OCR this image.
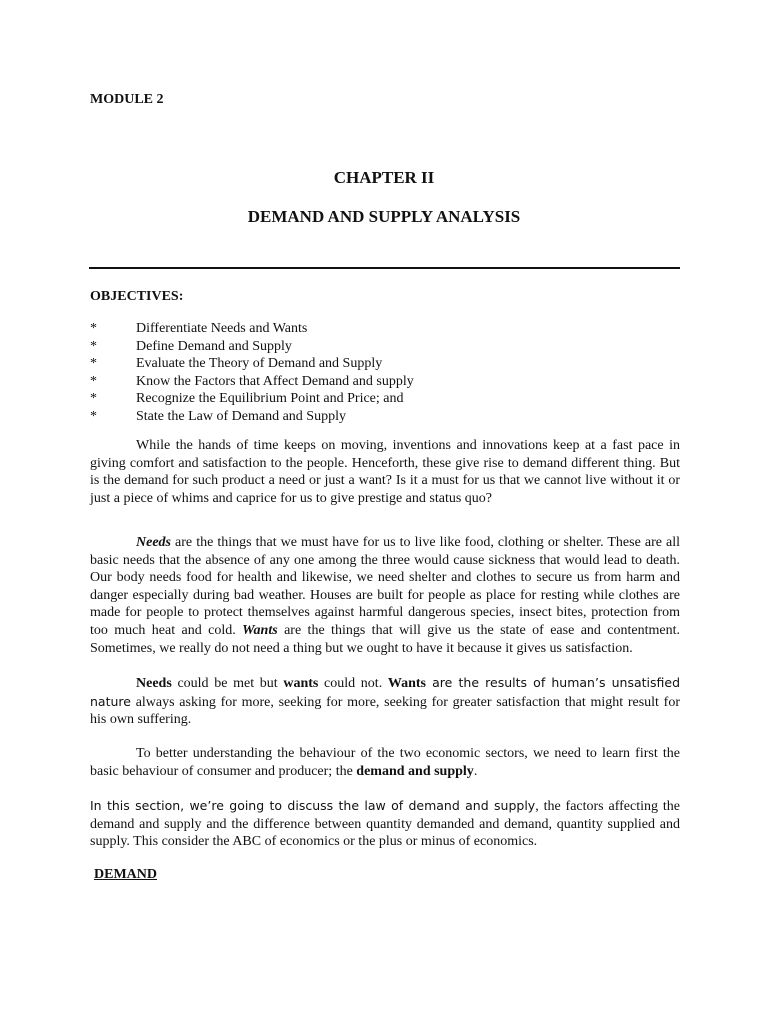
MODULE 2
CHAPTER II
DEMAND AND SUPPLY ANALYSIS
OBJECTIVES:
*	Differentiate Needs and Wants
*	Define Demand and Supply
*	Evaluate the Theory of Demand and Supply
*	Know the Factors that Affect Demand and supply
*	Recognize the Equilibrium Point and Price; and
*	State the Law of Demand and Supply

While the hands of time keeps on moving, inventions and innovations keep at a fast pace in giving comfort and satisfaction to the people. Henceforth, these give rise to demand different thing. But is the demand for such product a need or just a want? Is it a must for us that we cannot live without it or just a piece of whims and caprice for us to give prestige and status quo?

Needs are the things that we must have for us to live like food, clothing or shelter. These are all basic needs that the absence of any one among the three would cause sickness that would lead to death. Our body needs food for health and likewise, we need shelter and clothes to secure us from harm and danger especially during bad weather. Houses are built for people as place for resting while clothes are made for people to protect themselves against harmful dangerous species, insect bites, protection from too much heat and cold. Wants are the things that will give us the state of ease and contentment. Sometimes, we really do not need a thing but we ought to have it because it gives us satisfaction.

Needs could be met but wants could not. Wants are the results of human’s unsatisfied nature always asking for more, seeking for more, seeking for greater satisfaction that might result for his own suffering.

To better understanding the behaviour of the two economic sectors, we need to learn first the basic behaviour of consumer and producer; the demand and supply.

In this section, we’re going to discuss the law of demand and supply, the factors affecting the demand and supply and the difference between quantity demanded and demand, quantity supplied and supply. This consider the ABC of economics or the plus or minus of economics.

DEMAND
